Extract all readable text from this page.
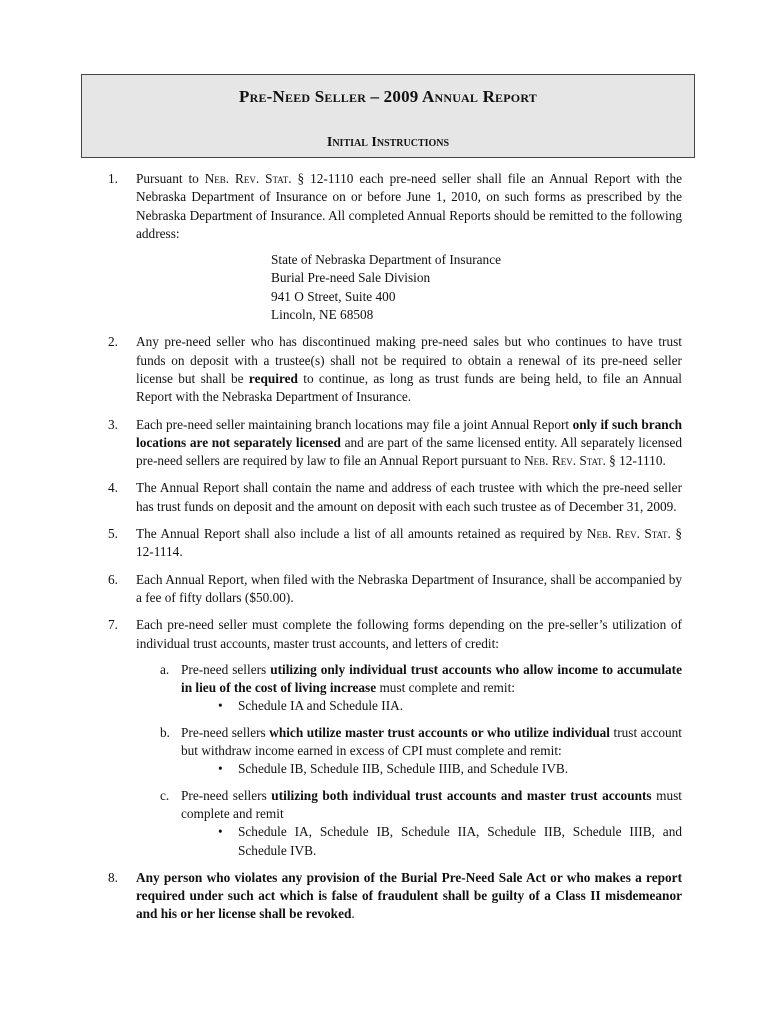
Pre-Need Seller – 2009 Annual Report
Initial Instructions
1. Pursuant to Neb. Rev. Stat. § 12-1110 each pre-need seller shall file an Annual Report with the Nebraska Department of Insurance on or before June 1, 2010, on such forms as prescribed by the Nebraska Department of Insurance. All completed Annual Reports should be remitted to the following address:
State of Nebraska Department of Insurance
Burial Pre-need Sale Division
941 O Street, Suite 400
Lincoln, NE 68508
2. Any pre-need seller who has discontinued making pre-need sales but who continues to have trust funds on deposit with a trustee(s) shall not be required to obtain a renewal of its pre-need seller license but shall be required to continue, as long as trust funds are being held, to file an Annual Report with the Nebraska Department of Insurance.
3. Each pre-need seller maintaining branch locations may file a joint Annual Report only if such branch locations are not separately licensed and are part of the same licensed entity. All separately licensed pre-need sellers are required by law to file an Annual Report pursuant to Neb. Rev. Stat. § 12-1110.
4. The Annual Report shall contain the name and address of each trustee with which the pre-need seller has trust funds on deposit and the amount on deposit with each such trustee as of December 31, 2009.
5. The Annual Report shall also include a list of all amounts retained as required by Neb. Rev. Stat. § 12-1114.
6. Each Annual Report, when filed with the Nebraska Department of Insurance, shall be accompanied by a fee of fifty dollars ($50.00).
7. Each pre-need seller must complete the following forms depending on the pre-seller’s utilization of individual trust accounts, master trust accounts, and letters of credit:
a. Pre-need sellers utilizing only individual trust accounts who allow income to accumulate in lieu of the cost of living increase must complete and remit:
• Schedule IA and Schedule IIA.
b. Pre-need sellers which utilize master trust accounts or who utilize individual trust account but withdraw income earned in excess of CPI must complete and remit:
• Schedule IB, Schedule IIB, Schedule IIIB, and Schedule IVB.
c. Pre-need sellers utilizing both individual trust accounts and master trust accounts must complete and remit
• Schedule IA, Schedule IB, Schedule IIA, Schedule IIB, Schedule IIIB, and Schedule IVB.
8. Any person who violates any provision of the Burial Pre-Need Sale Act or who makes a report required under such act which is false of fraudulent shall be guilty of a Class II misdemeanor and his or her license shall be revoked.
